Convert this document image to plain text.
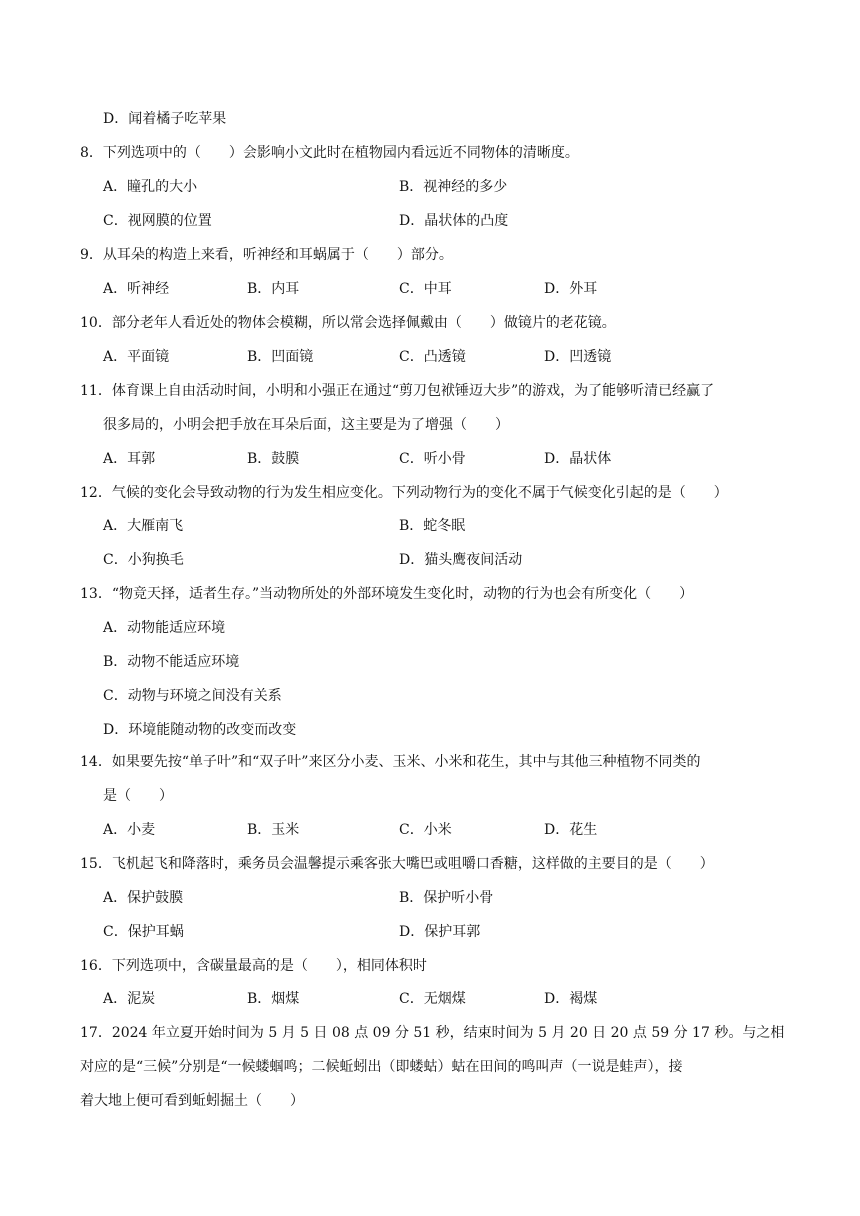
D．闻着橘子吃苹果
8．下列选项中的（　　）会影响小文此时在植物园内看远近不同物体的清晰度。
A．瞳孔的大小	B．视神经的多少
C．视网膜的位置	D．晶状体的凸度
9．从耳朵的构造上来看，听神经和耳蜗属于（　　）部分。
A．听神经	B．内耳	C．中耳	D．外耳
10．部分老年人看近处的物体会模糊，所以常会选择佩戴由（　　）做镜片的老花镜。
A．平面镜	B．凹面镜	C．凸透镜	D．凹透镜
11．体育课上自由活动时间，小明和小强正在通过“剪刀包袱锤迈大步”的游戏，为了能够听清已经赢了
很多局的，小明会把手放在耳朵后面，这主要是为了增强（　　）
A．耳郭	B．鼓膜	C．听小骨	D．晶状体
12．气候的变化会导致动物的行为发生相应变化。下列动物行为的变化不属于气候变化引起的是（　　）
A．大雁南飞	B．蛇冬眠
C．小狗换毛	D．猫头鹰夜间活动
13．“物竞天择，适者生存。”当动物所处的外部环境发生变化时，动物的行为也会有所变化（　　）
A．动物能适应环境
B．动物不能适应环境
C．动物与环境之间没有关系
D．环境能随动物的改变而改变
14．如果要先按“单子叶”和“双子叶”来区分小麦、玉米、小米和花生，其中与其他三种植物不同类的
是（　　）
A．小麦	B．玉米	C．小米	D．花生
15．飞机起飞和降落时，乘务员会温馨提示乘客张大嘴巴或咀嚼口香糖，这样做的主要目的是（　　）
A．保护鼓膜	B．保护听小骨
C．保护耳蜗	D．保护耳郭
16．下列选项中，含碳量最高的是（　　），相同体积时
A．泥炭	B．烟煤	C．无烟煤	D．褐煤
17．2024 年立夏开始时间为 5 月 5 日 08 点 09 分 51 秒，结束时间为 5 月 20 日 20 点 59 分 17 秒。与之相
对应的是“三候”分别是“一候蝼蝈鸣；二候蚯蚓出（即蝼蛄）蛄在田间的鸣叫声（一说是蛙声），接
着大地上便可看到蚯蚓掘土（　　）
